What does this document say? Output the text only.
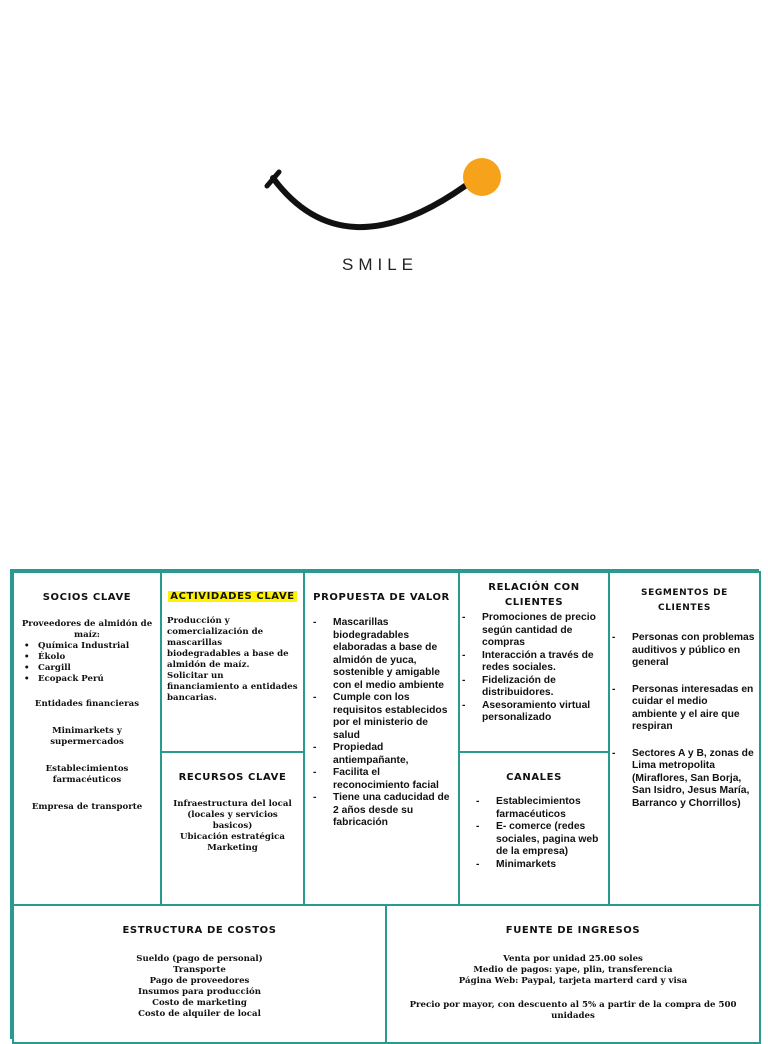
SMILE
SOCIOS CLAVE

Proveedores de almidón de maíz:

• Química Industrial
• Ékolo
• Cargill
• Ecopack Perú

Entidades financieras

Minimarkets y supermercados

Establecimientos farmacéuticos

Empresa de transporte

ACTIVIDADES CLAVE

Producción y comercialización de mascarillas biodegradables a base de almidón de maíz.

Solicitar un financiamiento a entidades bancarias.

RECURSOS CLAVE

Infraestructura del local (locales y servicios basicos)

Ubicación estratégica

Marketing

PROPUESTA DE VALOR
- Mascarillas biodegradables elaboradas a base de almidón de yuca, sostenible y amigable con el medio ambiente
- Cumple con los requisitos establecidos por el ministerio de salud
- Propiedad antiempañante,
- Facilita el reconocimiento facial
- Tiene una caducidad de 2 años desde su fabricación
RELACIÓN CON CLIENTES
- Promociones de precio según cantidad de compras
- Interacción a través de redes sociales.
- Fidelización de distribuidores.
- Asesoramiento virtual personalizado
CANALES
- Establecimientos farmacéuticos
- E- comerce (redes sociales, pagina web de la empresa)
- Minimarkets
SEGMENTOS DE CLIENTES
- Personas con problemas auditivos y público en general
- Personas interesadas en cuidar el medio ambiente y el aire que respiran
- Sectores A y B, zonas de Lima metropolita (Miraflores, San Borja, San Isidro, Jesus María, Barranco y Chorrillos)
ESTRUCTURA DE COSTOS

Sueldo (pago de personal)

Transporte

Pago de proveedores

Insumos para producción

Costo de marketing

Costo de alquiler de local

FUENTE DE INGRESOS

Venta por unidad 25.00 soles

Medio de pagos: yape, plin, transferencia

Página Web: Paypal, tarjeta marterd card y visa

Precio por mayor, con descuento al 5% a partir de la compra de 500 unidades
